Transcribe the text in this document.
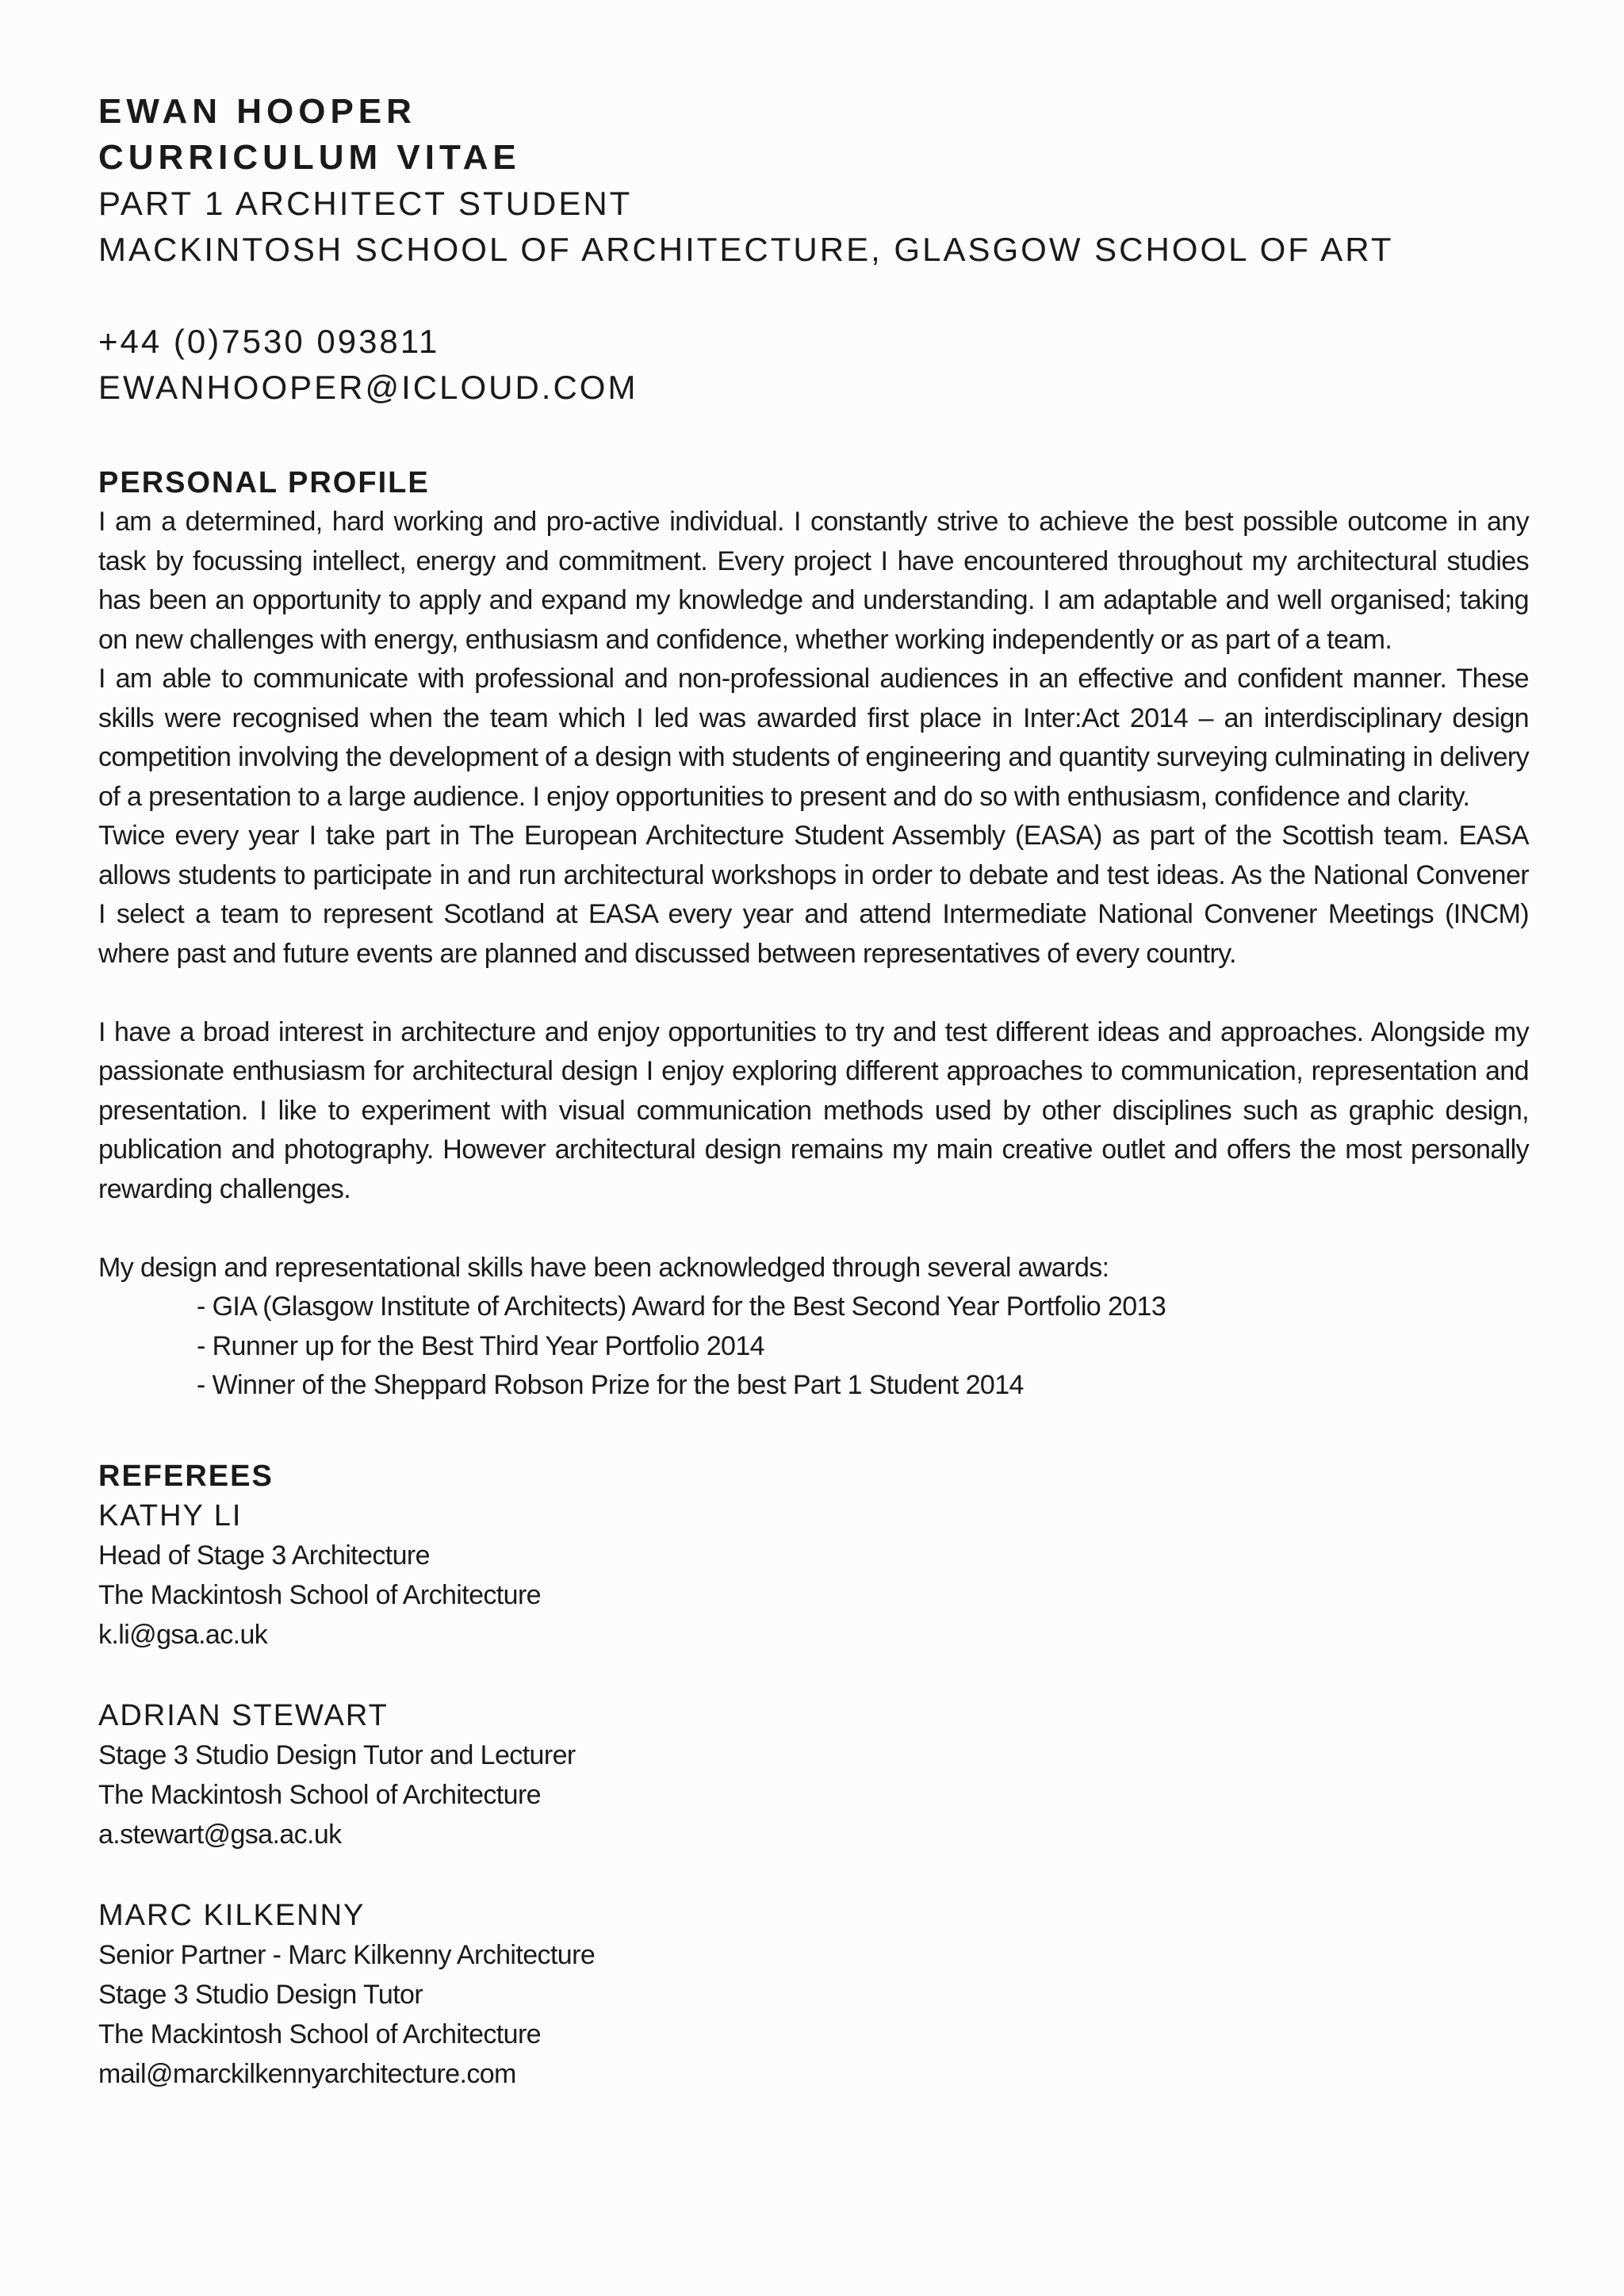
EWAN HOOPER
CURRICULUM VITAE

PART 1 ARCHITECT STUDENT

MACKINTOSH SCHOOL OF ARCHITECTURE, GLASGOW SCHOOL OF ART

+44 (0)7530 093811

EWANHOOPER@ICLOUD.COM

PERSONAL PROFILE

I am a determined, hard working and pro-active individual. I constantly strive to achieve the best possible outcome in any task by focussing intellect, energy and commitment. Every project I have encountered throughout my architectural studies has been an opportunity to apply and expand my knowledge and understanding. I am adaptable and well organised; taking on new challenges with energy, enthusiasm and confidence, whether working independently or as part of a team.

I am able to communicate with professional and non-professional audiences in an effective and confident manner. These skills were recognised when the team which I led was awarded first place in Inter:Act 2014 – an interdisciplinary design competition involving the development of a design with students of engineering and quantity surveying culminating in delivery of a presentation to a large audience. I enjoy opportunities to present and do so with enthusiasm, confidence and clarity.

Twice every year I take part in The European Architecture Student Assembly (EASA) as part of the Scottish team. EASA allows students to participate in and run architectural workshops in order to debate and test ideas. As the National Convener I select a team to represent Scotland at EASA every year and attend Intermediate National Convener Meetings (INCM) where past and future events are planned and discussed between representatives of every country.

I have a broad interest in architecture and enjoy opportunities to try and test different ideas and approaches. Alongside my passionate enthusiasm for architectural design I enjoy exploring different approaches to communication, representation and presentation. I like to experiment with visual communication methods used by other disciplines such as graphic design, publication and photography. However architectural design remains my main creative outlet and offers the most personally rewarding challenges.

My design and representational skills have been acknowledged through several awards:

- GIA (Glasgow Institute of Architects) Award for the Best Second Year Portfolio 2013
- Runner up for the Best Third Year Portfolio 2014
- Winner of the Sheppard Robson Prize for the best Part 1 Student 2014
REFEREES

KATHY LI

Head of Stage 3 Architecture

The Mackintosh School of Architecture

k.li@gsa.ac.uk

ADRIAN STEWART

Stage 3 Studio Design Tutor and Lecturer

The Mackintosh School of Architecture

a.stewart@gsa.ac.uk

MARC KILKENNY

Senior Partner - Marc Kilkenny Architecture

Stage 3 Studio Design Tutor

The Mackintosh School of Architecture

mail@marckilkennyarchitecture.com
